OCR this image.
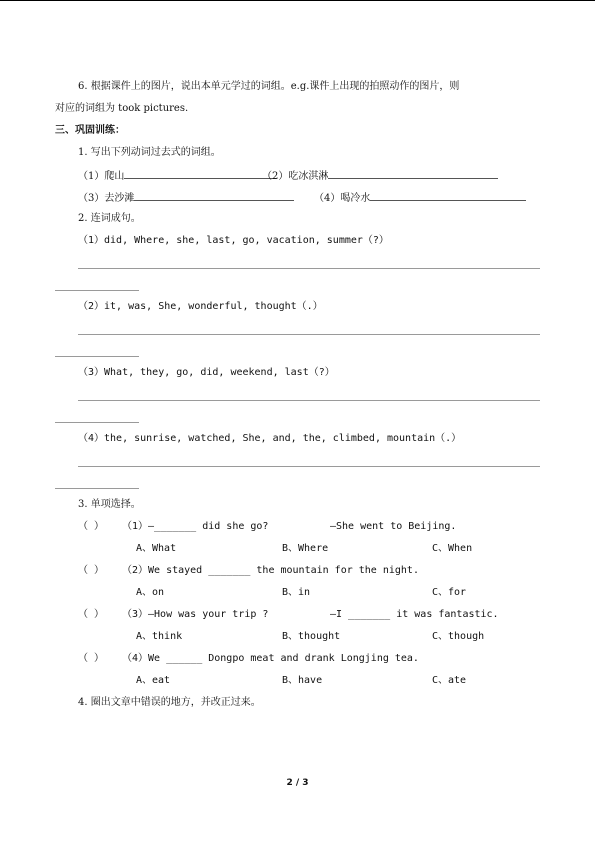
6. 根据课件上的图片，说出本单元学过的词组。e.g.课件上出现的拍照动作的图片，则
对应的词组为 took pictures.
三、巩固训练：
1. 写出下列动词过去式的词组。
（1）爬山	（2）吃冰淇淋
（3）去沙滩	（4）喝冷水
2. 连词成句。
（1）did, Where, she, last, go, vacation, summer（?）
（2）it, was, She, wonderful, thought（.）
（3）What, they, go, did, weekend, last（?）
（4）the, sunrise, watched, She, and, the, climbed, mountain（.）
3. 单项选择。
（ ） （1）—_______ did she go?	—She went to Beijing.
A、What	B、Where	C、When
（ ） （2）We stayed _______ the mountain for the night.
A、on	B、in	C、for
（ ） （3）—How was your trip ?	—I _______ it was fantastic.
A、think	B、thought	C、though
（ ） （4）We ______ Dongpo meat and drank Longjing tea.
A、eat	B、have	C、ate
4. 圈出文章中错误的地方，并改正过来。
2 / 3
